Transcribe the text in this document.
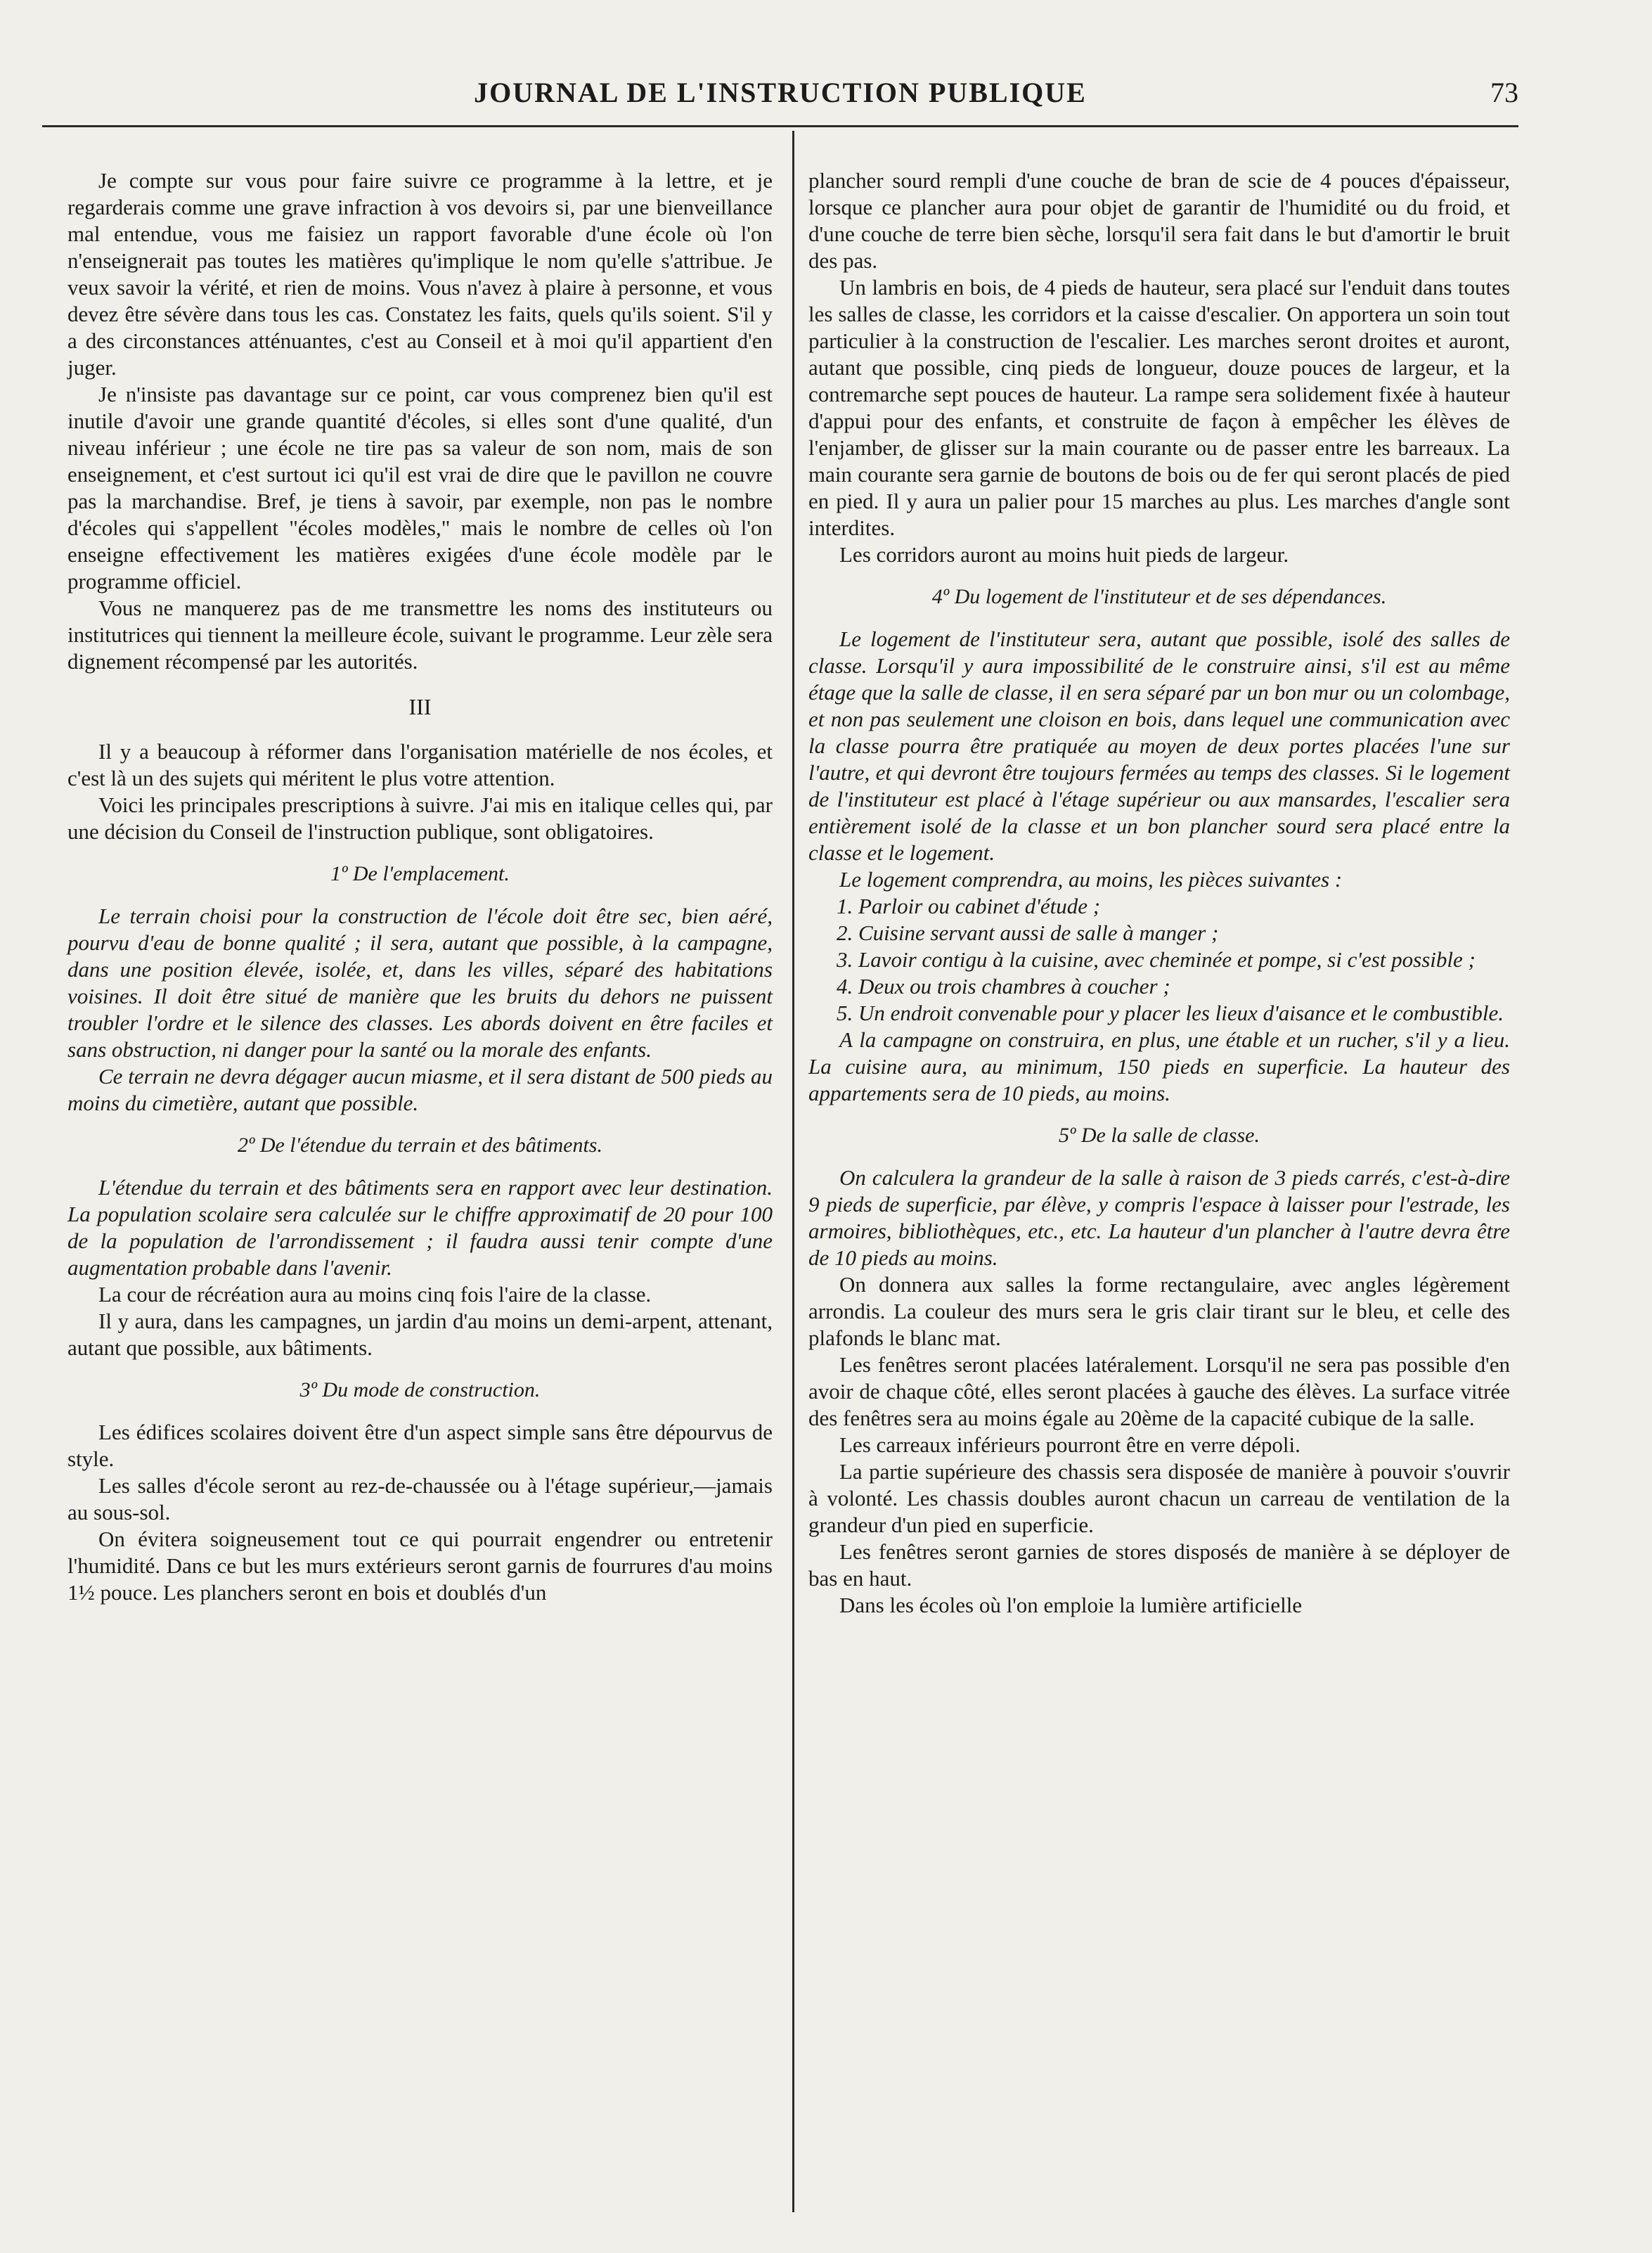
JOURNAL DE L'INSTRUCTION PUBLIQUE	73

Je compte sur vous pour faire suivre ce programme à la lettre, et je regarderais comme une grave infraction à vos devoirs si, par une bienveillance mal entendue, vous me faisiez un rapport favorable d'une école où l'on n'enseignerait pas toutes les matières qu'implique le nom qu'elle s'attribue. Je veux savoir la vérité, et rien de moins. Vous n'avez à plaire à personne, et vous devez être sévère dans tous les cas. Constatez les faits, quels qu'ils soient. S'il y a des circonstances atténuantes, c'est au Conseil et à moi qu'il appartient d'en juger.

Je n'insiste pas davantage sur ce point, car vous comprenez bien qu'il est inutile d'avoir une grande quantité d'écoles, si elles sont d'une qualité, d'un niveau inférieur ; une école ne tire pas sa valeur de son nom, mais de son enseignement, et c'est surtout ici qu'il est vrai de dire que le pavillon ne couvre pas la marchandise. Bref, je tiens à savoir, par exemple, non pas le nombre d'écoles qui s'appellent "écoles modèles," mais le nombre de celles où l'on enseigne effectivement les matières exigées d'une école modèle par le programme officiel.

Vous ne manquerez pas de me transmettre les noms des instituteurs ou institutrices qui tiennent la meilleure école, suivant le programme. Leur zèle sera dignement récompensé par les autorités.

III

Il y a beaucoup à réformer dans l'organisation matérielle de nos écoles, et c'est là un des sujets qui méritent le plus votre attention.

Voici les principales prescriptions à suivre. J'ai mis en italique celles qui, par une décision du Conseil de l'instruction publique, sont obligatoires.

1º De l'emplacement.

Le terrain choisi pour la construction de l'école doit être sec, bien aéré, pourvu d'eau de bonne qualité ; il sera, autant que possible, à la campagne, dans une position élevée, isolée, et, dans les villes, séparé des habitations voisines. Il doit être situé de manière que les bruits du dehors ne puissent troubler l'ordre et le silence des classes. Les abords doivent en être faciles et sans obstruction, ni danger pour la santé ou la morale des enfants.

Ce terrain ne devra dégager aucun miasme, et il sera distant de 500 pieds au moins du cimetière, autant que possible.

2º De l'étendue du terrain et des bâtiments.

L'étendue du terrain et des bâtiments sera en rapport avec leur destination. La population scolaire sera calculée sur le chiffre approximatif de 20 pour 100 de la population de l'arrondissement ; il faudra aussi tenir compte d'une augmentation probable dans l'avenir.

La cour de récréation aura au moins cinq fois l'aire de la classe.

Il y aura, dans les campagnes, un jardin d'au moins un demi-arpent, attenant, autant que possible, aux bâtiments.

3º Du mode de construction.

Les édifices scolaires doivent être d'un aspect simple sans être dépourvus de style.

Les salles d'école seront au rez-de-chaussée ou à l'étage supérieur,—jamais au sous-sol.

On évitera soigneusement tout ce qui pourrait engendrer ou entretenir l'humidité. Dans ce but les murs extérieurs seront garnis de fourrures d'au moins 1½ pouce. Les planchers seront en bois et doublés d'un

plancher sourd rempli d'une couche de bran de scie de 4 pouces d'épaisseur, lorsque ce plancher aura pour objet de garantir de l'humidité ou du froid, et d'une couche de terre bien sèche, lorsqu'il sera fait dans le but d'amortir le bruit des pas.

Un lambris en bois, de 4 pieds de hauteur, sera placé sur l'enduit dans toutes les salles de classe, les corridors et la caisse d'escalier. On apportera un soin tout particulier à la construction de l'escalier. Les marches seront droites et auront, autant que possible, cinq pieds de longueur, douze pouces de largeur, et la contremarche sept pouces de hauteur. La rampe sera solidement fixée à hauteur d'appui pour des enfants, et construite de façon à empêcher les élèves de l'enjamber, de glisser sur la main courante ou de passer entre les barreaux. La main courante sera garnie de boutons de bois ou de fer qui seront placés de pied en pied. Il y aura un palier pour 15 marches au plus. Les marches d'angle sont interdites.

Les corridors auront au moins huit pieds de largeur.

4º Du logement de l'instituteur et de ses dépendances.

Le logement de l'instituteur sera, autant que possible, isolé des salles de classe. Lorsqu'il y aura impossibilité de le construire ainsi, s'il est au même étage que la salle de classe, il en sera séparé par un bon mur ou un colombage, et non pas seulement une cloison en bois, dans lequel une communication avec la classe pourra être pratiquée au moyen de deux portes placées l'une sur l'autre, et qui devront être toujours fermées au temps des classes. Si le logement de l'instituteur est placé à l'étage supérieur ou aux mansardes, l'escalier sera entièrement isolé de la classe et un bon plancher sourd sera placé entre la classe et le logement.

Le logement comprendra, au moins, les pièces suivantes :

1. Parloir ou cabinet d'étude ;

2. Cuisine servant aussi de salle à manger ;

3. Lavoir contigu à la cuisine, avec cheminée et pompe, si c'est possible ;

4. Deux ou trois chambres à coucher ;

5. Un endroit convenable pour y placer les lieux d'aisance et le combustible.

A la campagne on construira, en plus, une étable et un rucher, s'il y a lieu. La cuisine aura, au minimum, 150 pieds en superficie. La hauteur des appartements sera de 10 pieds, au moins.

5º De la salle de classe.

On calculera la grandeur de la salle à raison de 3 pieds carrés, c'est-à-dire 9 pieds de superficie, par élève, y compris l'espace à laisser pour l'estrade, les armoires, bibliothèques, etc., etc. La hauteur d'un plancher à l'autre devra être de 10 pieds au moins.

On donnera aux salles la forme rectangulaire, avec angles légèrement arrondis. La couleur des murs sera le gris clair tirant sur le bleu, et celle des plafonds le blanc mat.

Les fenêtres seront placées latéralement. Lorsqu'il ne sera pas possible d'en avoir de chaque côté, elles seront placées à gauche des élèves. La surface vitrée des fenêtres sera au moins égale au 20ème de la capacité cubique de la salle.

Les carreaux inférieurs pourront être en verre dépoli.

La partie supérieure des chassis sera disposée de manière à pouvoir s'ouvrir à volonté. Les chassis doubles auront chacun un carreau de ventilation de la grandeur d'un pied en superficie.

Les fenêtres seront garnies de stores disposés de manière à se déployer de bas en haut.

Dans les écoles où l'on emploie la lumière artificielle
